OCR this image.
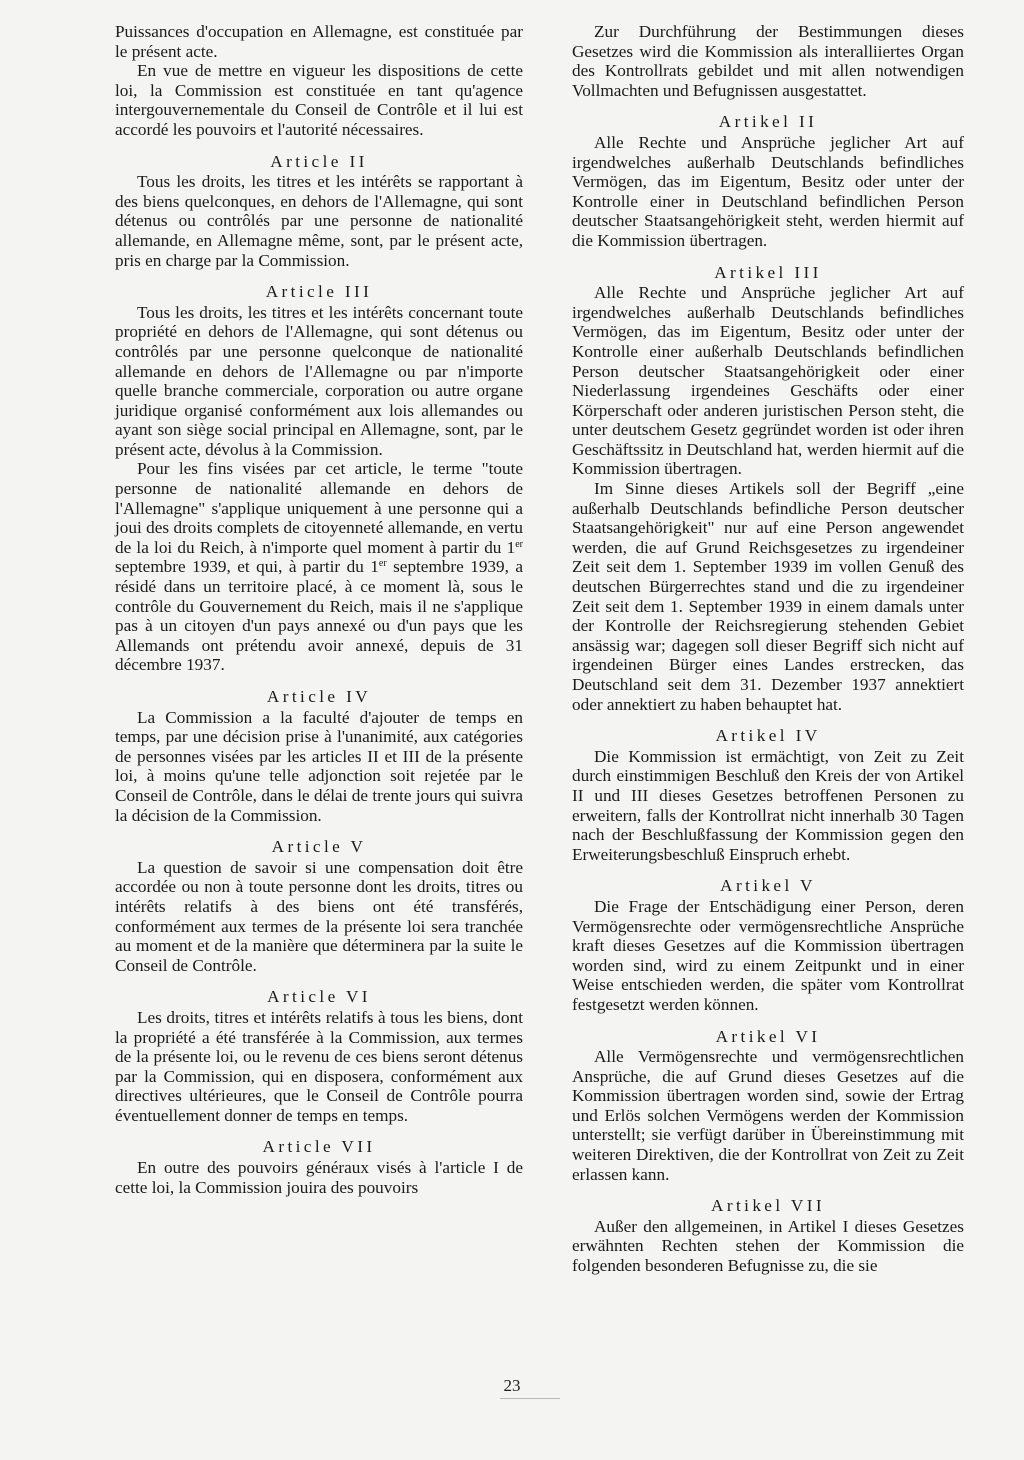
Puissances d'occupation en Allemagne, est constituée par le présent acte.

En vue de mettre en vigueur les dispositions de cette loi, la Commission est constituée en tant qu'agence intergouvernementale du Conseil de Contrôle et il lui est accordé les pouvoirs et l'autorité nécessaires.

Article II

Tous les droits, les titres et les intérêts se rapportant à des biens quelconques, en dehors de l'Allemagne, qui sont détenus ou contrôlés par une personne de nationalité allemande, en Allemagne même, sont, par le présent acte, pris en charge par la Commission.

Article III

Tous les droits, les titres et les intérêts concernant toute propriété en dehors de l'Allemagne, qui sont détenus ou contrôlés par une personne quelconque de nationalité allemande en dehors de l'Allemagne ou par n'importe quelle branche commerciale, corporation ou autre organe juridique organisé conformément aux lois allemandes ou ayant son siège social principal en Allemagne, sont, par le présent acte, dévolus à la Commission.

Pour les fins visées par cet article, le terme "toute personne de nationalité allemande en dehors de l'Allemagne" s'applique uniquement à une personne qui a joui des droits complets de citoyenneté allemande, en vertu de la loi du Reich, à n'importe quel moment à partir du 1er septembre 1939, et qui, à partir du 1er septembre 1939, a résidé dans un territoire placé, à ce moment là, sous le contrôle du Gouvernement du Reich, mais il ne s'applique pas à un citoyen d'un pays annexé ou d'un pays que les Allemands ont prétendu avoir annexé, depuis de 31 décembre 1937.

Article IV

La Commission a la faculté d'ajouter de temps en temps, par une décision prise à l'unanimité, aux catégories de personnes visées par les articles II et III de la présente loi, à moins qu'une telle adjonction soit rejetée par le Conseil de Contrôle, dans le délai de trente jours qui suivra la décision de la Commission.

Article V

La question de savoir si une compensation doit être accordée ou non à toute personne dont les droits, titres ou intérêts relatifs à des biens ont été transférés, conformément aux termes de la présente loi sera tranchée au moment et de la manière que déterminera par la suite le Conseil de Contrôle.

Article VI

Les droits, titres et intérêts relatifs à tous les biens, dont la propriété a été transférée à la Commission, aux termes de la présente loi, ou le revenu de ces biens seront détenus par la Commission, qui en disposera, conformément aux directives ultérieures, que le Conseil de Contrôle pourra éventuellement donner de temps en temps.

Article VII

En outre des pouvoirs généraux visés à l'article I de cette loi, la Commission jouira des pouvoirs

Zur Durchführung der Bestimmungen dieses Gesetzes wird die Kommission als interalliiertes Organ des Kontrollrats gebildet und mit allen notwendigen Vollmachten und Befugnissen ausgestattet.

Artikel II

Alle Rechte und Ansprüche jeglicher Art auf irgendwelches außerhalb Deutschlands befindliches Vermögen, das im Eigentum, Besitz oder unter der Kontrolle einer in Deutschland befindlichen Person deutscher Staatsangehörigkeit steht, werden hiermit auf die Kommission übertragen.

Artikel III

Alle Rechte und Ansprüche jeglicher Art auf irgendwelches außerhalb Deutschlands befindliches Vermögen, das im Eigentum, Besitz oder unter der Kontrolle einer außerhalb Deutschlands befindlichen Person deutscher Staatsangehörigkeit oder einer Niederlassung irgendeines Geschäfts oder einer Körperschaft oder anderen juristischen Person steht, die unter deutschem Gesetz gegründet worden ist oder ihren Geschäftssitz in Deutschland hat, werden hiermit auf die Kommission übertragen.

Im Sinne dieses Artikels soll der Begriff „eine außerhalb Deutschlands befindliche Person deutscher Staatsangehörigkeit" nur auf eine Person angewendet werden, die auf Grund Reichsgesetzes zu irgendeiner Zeit seit dem 1. September 1939 im vollen Genuß des deutschen Bürgerrechtes stand und die zu irgendeiner Zeit seit dem 1. September 1939 in einem damals unter der Kontrolle der Reichsregierung stehenden Gebiet ansässig war; dagegen soll dieser Begriff sich nicht auf irgendeinen Bürger eines Landes erstrecken, das Deutschland seit dem 31. Dezember 1937 annektiert oder annektiert zu haben behauptet hat.

Artikel IV

Die Kommission ist ermächtigt, von Zeit zu Zeit durch einstimmigen Beschluß den Kreis der von Artikel II und III dieses Gesetzes betroffenen Personen zu erweitern, falls der Kontrollrat nicht innerhalb 30 Tagen nach der Beschlußfassung der Kommission gegen den Erweiterungsbeschluß Einspruch erhebt.

Artikel V

Die Frage der Entschädigung einer Person, deren Vermögensrechte oder vermögensrechtliche Ansprüche kraft dieses Gesetzes auf die Kommission übertragen worden sind, wird zu einem Zeitpunkt und in einer Weise entschieden werden, die später vom Kontrollrat festgesetzt werden können.

Artikel VI

Alle Vermögensrechte und vermögensrechtlichen Ansprüche, die auf Grund dieses Gesetzes auf die Kommission übertragen worden sind, sowie der Ertrag und Erlös solchen Vermögens werden der Kommission unterstellt; sie verfügt darüber in Übereinstimmung mit weiteren Direktiven, die der Kontrollrat von Zeit zu Zeit erlassen kann.

Artikel VII

Außer den allgemeinen, in Artikel I dieses Gesetzes erwähnten Rechten stehen der Kommission die folgenden besonderen Befugnisse zu, die sie

23
